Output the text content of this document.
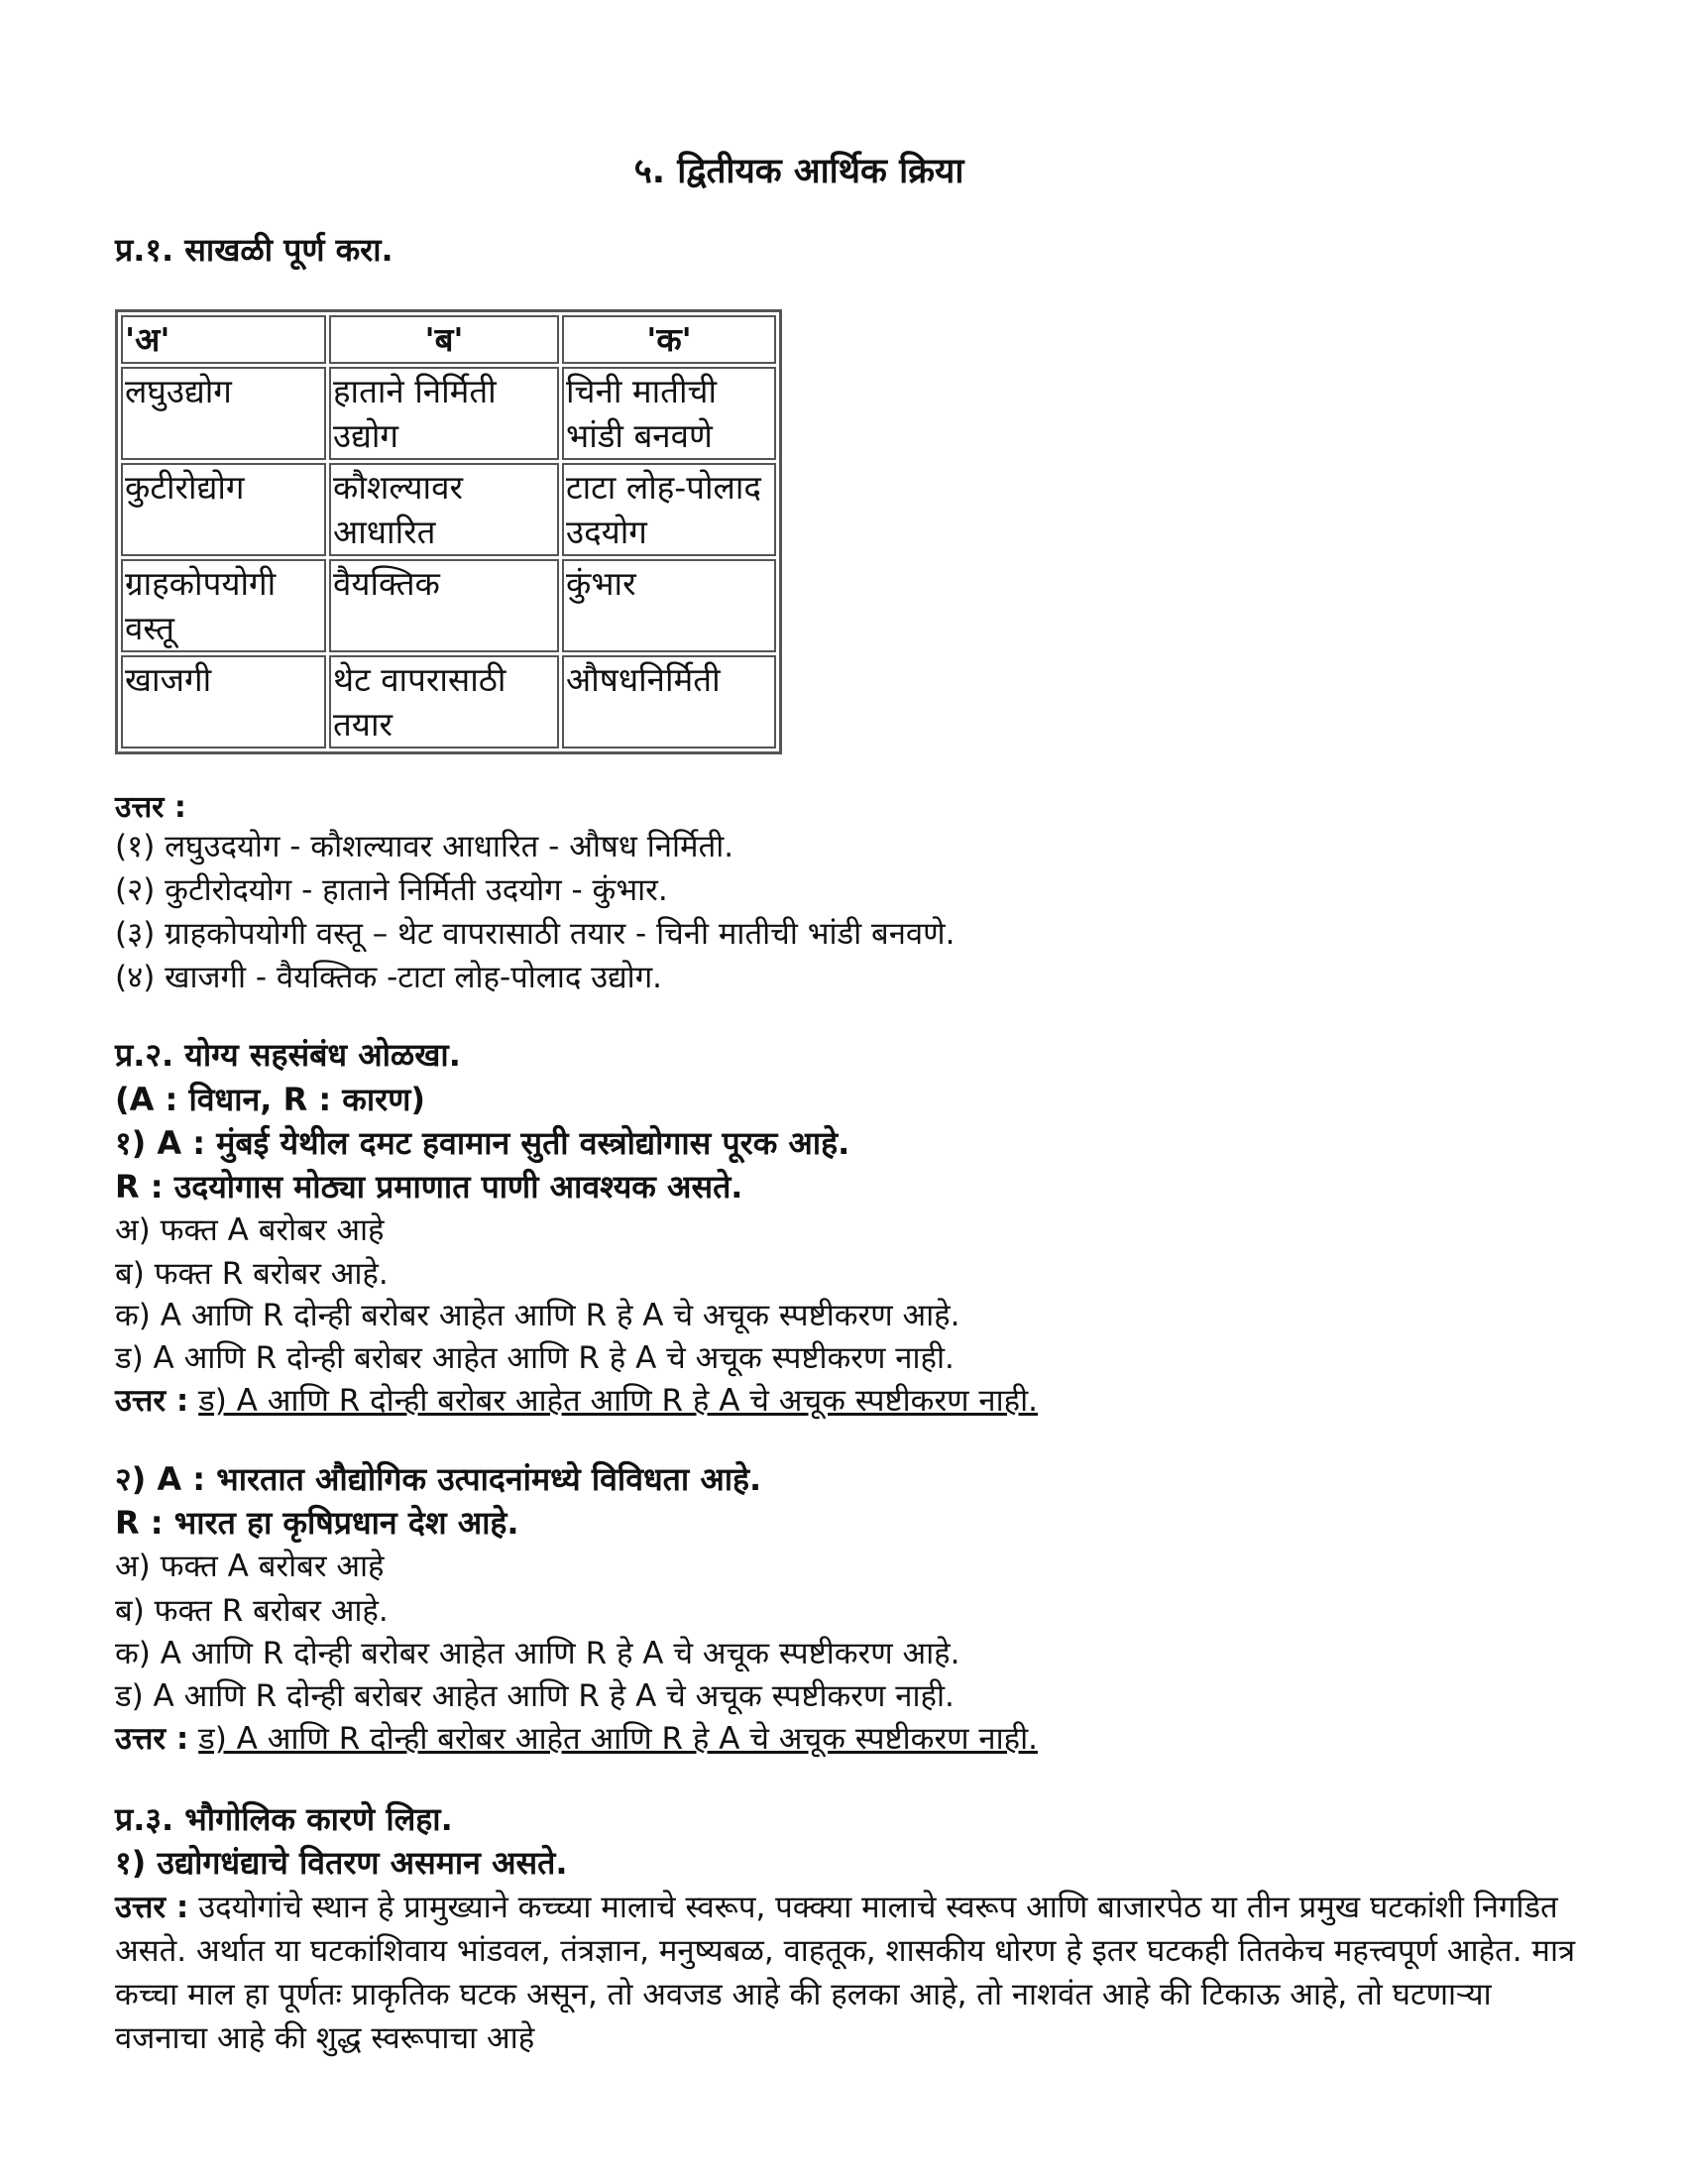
५. द्वितीयक आर्थिक क्रिया
प्र.१. साखळी पूर्ण करा.
'अ'	'ब'	'क'
लघुउद्योग	हाताने निर्मिती उद्योग	चिनी मातीची भांडी बनवणे
कुटीरोद्योग	कौशल्यावर आधारित	टाटा लोह-पोलाद उदयोग
ग्राहकोपयोगी वस्तू	वैयक्तिक	कुंभार
खाजगी	थेट वापरासाठी तयार	औषधनिर्मिती
उत्तर :
(१) लघुउदयोग - कौशल्यावर आधारित - औषध निर्मिती.
(२) कुटीरोदयोग - हाताने निर्मिती उदयोग - कुंभार.
(३) ग्राहकोपयोगी वस्तू – थेट वापरासाठी तयार - चिनी मातीची भांडी बनवणे.
(४) खाजगी - वैयक्तिक -टाटा लोह-पोलाद उद्योग.
प्र.२. योग्य सहसंबंध ओळखा.
(A : विधान, R : कारण)
१) A : मुंबई येथील दमट हवामान सुती वस्त्रोद्योगास पूरक आहे.
R : उदयोगास मोठ्या प्रमाणात पाणी आवश्यक असते.
अ) फक्त A बरोबर आहे
ब) फक्त R बरोबर आहे.
क) A आणि R दोन्ही बरोबर आहेत आणि R हे A चे अचूक स्पष्टीकरण आहे.
ड) A आणि R दोन्ही बरोबर आहेत आणि R हे A चे अचूक स्पष्टीकरण नाही.
उत्तर : ड) A आणि R दोन्ही बरोबर आहेत आणि R हे A चे अचूक स्पष्टीकरण नाही.
२) A : भारतात औद्योगिक उत्पादनांमध्ये विविधता आहे.
R : भारत हा कृषिप्रधान देश आहे.
अ) फक्त A बरोबर आहे
ब) फक्त R बरोबर आहे.
क) A आणि R दोन्ही बरोबर आहेत आणि R हे A चे अचूक स्पष्टीकरण आहे.
ड) A आणि R दोन्ही बरोबर आहेत आणि R हे A चे अचूक स्पष्टीकरण नाही.
उत्तर : ड) A आणि R दोन्ही बरोबर आहेत आणि R हे A चे अचूक स्पष्टीकरण नाही.
प्र.३. भौगोलिक कारणे लिहा.
१) उद्योगधंद्याचे वितरण असमान असते.
उत्तर : उदयोगांचे स्थान हे प्रामुख्याने कच्च्या मालाचे स्वरूप, पक्क्या मालाचे स्वरूप आणि बाजारपेठ या तीन प्रमुख घटकांशी निगडित असते. अर्थात या घटकांशिवाय भांडवल, तंत्रज्ञान, मनुष्यबळ, वाहतूक, शासकीय धोरण हे इतर घटकही तितकेच महत्त्वपूर्ण आहेत. मात्र कच्चा माल हा पूर्णतः प्राकृतिक घटक असून, तो अवजड आहे की हलका आहे, तो नाशवंत आहे की टिकाऊ आहे, तो घटणाऱ्या वजनाचा आहे की शुद्ध स्वरूपाचा आहे
